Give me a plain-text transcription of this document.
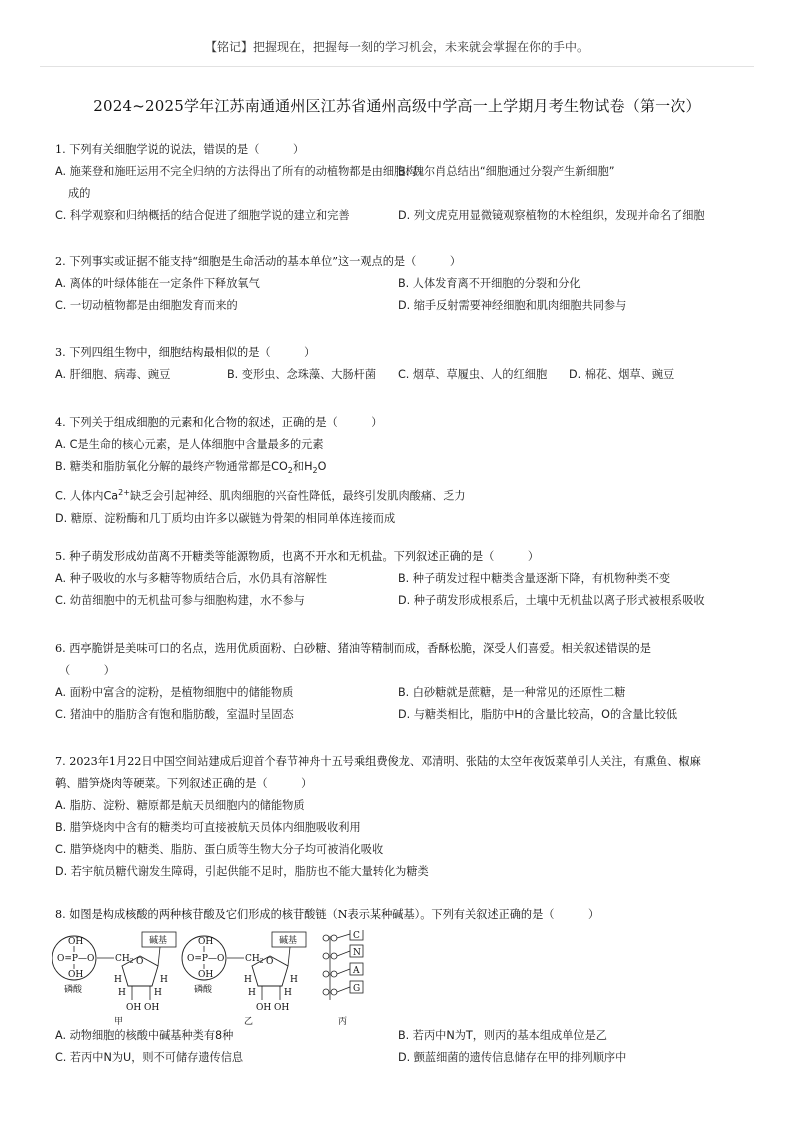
【铭记】把握现在，把握每一刻的学习机会，未来就会掌握在你的手中。
2024~2025学年江苏南通通州区江苏省通州高级中学高一上学期月考生物试卷（第一次）
1. 下列有关细胞学说的说法，错误的是（　　　）
A. 施莱登和施旺运用不完全归纳的方法得出了所有的动植物都是由细胞构
B. 魏尔肖总结出“细胞通过分裂产生新细胞”
成的
C. 科学观察和归纳概括的结合促进了细胞学说的建立和完善	D. 列文虎克用显微镜观察植物的木栓组织，发现并命名了细胞
2. 下列事实或证据不能支持“细胞是生命活动的基本单位”这一观点的是（　　　）
A. 离体的叶绿体能在一定条件下释放氧气	B. 人体发育离不开细胞的分裂和分化
C. 一切动植物都是由细胞发育而来的	D. 缩手反射需要神经细胞和肌肉细胞共同参与
3. 下列四组生物中，细胞结构最相似的是（　　　）
A. 肝细胞、病毒、豌豆	B. 变形虫、念珠藻、大肠杆菌 C. 烟草、草履虫、人的红细胞 D. 棉花、烟草、豌豆
4. 下列关于组成细胞的元素和化合物的叙述，正确的是（　　　）
A. C是生命的核心元素，是人体细胞中含量最多的元素
B. 糖类和脂肪氧化分解的最终产物通常都是$CO_2$和$H_2O$
C. 人体内$Ca^{2+}$缺乏会引起神经、肌肉细胞的兴奋性降低，最终引发肌肉酸痛、乏力
D. 糖原、淀粉酶和几丁质均由许多以碳链为骨架的相同单体连接而成
5. 种子萌发形成幼苗离不开糖类等能源物质，也离不开水和无机盐。下列叙述正确的是（　　　）
A. 种子吸收的水与多糖等物质结合后，水仍具有溶解性	B. 种子萌发过程中糖类含量逐渐下降，有机物种类不变
C. 幼苗细胞中的无机盐可参与细胞构建，水不参与	D. 种子萌发形成根系后，土壤中无机盐以离子形式被根系吸收
6. 西亭脆饼是美味可口的名点，选用优质面粉、白砂糖、猪油等精制而成，香酥松脆，深受人们喜爱。相关叙述错误的是
（　　　）
A. 面粉中富含的淀粉，是植物细胞中的储能物质	B. 白砂糖就是蔗糖，是一种常见的还原性二糖
C. 猪油中的脂肪含有饱和脂肪酸，室温时呈固态	D. 与糖类相比，脂肪中H的含量比较高，O的含量比较低
7. 2023年1月22日中国空间站建成后迎首个春节神舟十五号乘组费俊龙、邓清明、张陆的太空年夜饭菜单引人关注，有熏鱼、椒麻
鹌、腊笋烧肉等硬菜。下列叙述正确的是（　　　）
A. 脂肪、淀粉、糖原都是航天员细胞内的储能物质
B. 腊笋烧肉中含有的糖类均可直接被航天员体内细胞吸收利用
C. 腊笋烧肉中的糖类、脂肪、蛋白质等生物大分子均可被消化吸收
D. 若宇航员糖代谢发生障碍，引起供能不足时，脂肪也不能大量转化为糖类
8. 如图是构成核酸的两种核苷酸及它们形成的核苷酸链（N表示某种碱基）。下列有关叙述正确的是（　　　）
OH
O=P—O
OH
磷酸
$CH_2$
碱基
O
H	H
H	H
OH OH
甲
OH
O=P—O
OH
磷酸
$CH_2$
碱基
O
H	H
H	H
OH OH
乙
C
N
A
G
丙
A. 动物细胞的核酸中碱基种类有8种	B. 若丙中N为T，则丙的基本组成单位是乙
C. 若丙中N为U，则不可储存遗传信息	D. 颤蓝细菌的遗传信息储存在甲的排列顺序中
